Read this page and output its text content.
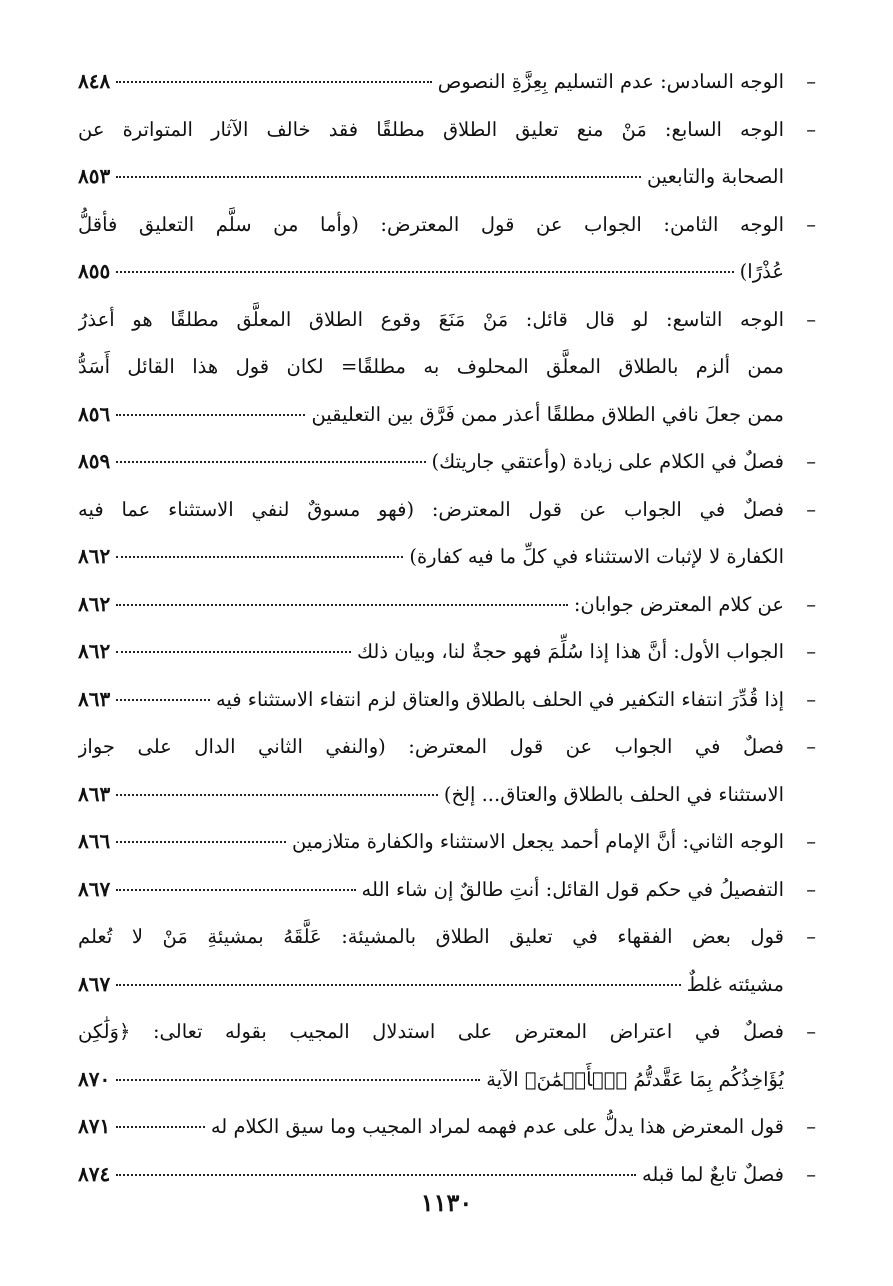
– الوجه السادس: عدم التسليم بِعِزَّةِ النصوص
٨٤٨
– الوجه السابع: مَنْ منع تعليق الطلاق مطلقًا فقد خالف الآثار المتواترة عن
الصحابة والتابعين
٨٥٣
– الوجه الثامن: الجواب عن قول المعترض: (وأما من سلَّم التعليق فأقلُّ
عُذْرًا)
٨٥٥
– الوجه التاسع: لو قال قائل: مَنْ مَنَعَ وقوع الطلاق المعلَّق مطلقًا هو أعذرُ
ممن ألزم بالطلاق المعلَّق المحلوف به مطلقًا= لكان قول هذا القائل أَسَدُّ
ممن جعلَ نافي الطلاق مطلقًا أعذر ممن فَرَّق بين التعليقين
٨٥٦
– فصلٌ في الكلام على زيادة (وأعتقي جاريتك)
٨٥٩
– فصلٌ في الجواب عن قول المعترض: (فهو مسوقٌ لنفي الاستثناء عما فيه
الكفارة لا لإثبات الاستثناء في كلِّ ما فيه كفارة)
٨٦٢
– عن كلام المعترض جوابان:
٨٦٢
– الجواب الأول: أنَّ هذا إذا سُلِّمَ فهو حجةٌ لنا، وبيان ذلك
٨٦٢
– إذا قُدِّرَ انتفاء التكفير في الحلف بالطلاق والعتاق لزم انتفاء الاستثناء فيه
٨٦٣
– فصلٌ في الجواب عن قول المعترض: (والنفي الثاني الدال على جواز
الاستثناء في الحلف بالطلاق والعتاق... إلخ)
٨٦٣
– الوجه الثاني: أنَّ الإمام أحمد يجعل الاستثناء والكفارة متلازمين
٨٦٦
– التفصيلُ في حكم قول القائل: أنتِ طالقٌ إن شاء الله
٨٦٧
– قول بعض الفقهاء في تعليق الطلاق بالمشيئة: عَلَّقَهُ بمشيئةِ مَنْ لا تُعلم
مشيئته غلطٌ
٨٦٧
– فصلٌ في اعتراض المعترض على استدلال المجيب بقوله تعالى: ﴿وَلَٰكِن
يُؤَاخِذُكُم بِمَا عَقَّدتُّمُ ٱلۡأَيۡمَٰنَ﴾ الآية
٨٧٠
– قول المعترض هذا يدلُّ على عدم فهمه لمراد المجيب وما سيق الكلام له
٨٧١
– فصلٌ تابعٌ لما قبله
٨٧٤
١١٣٠
